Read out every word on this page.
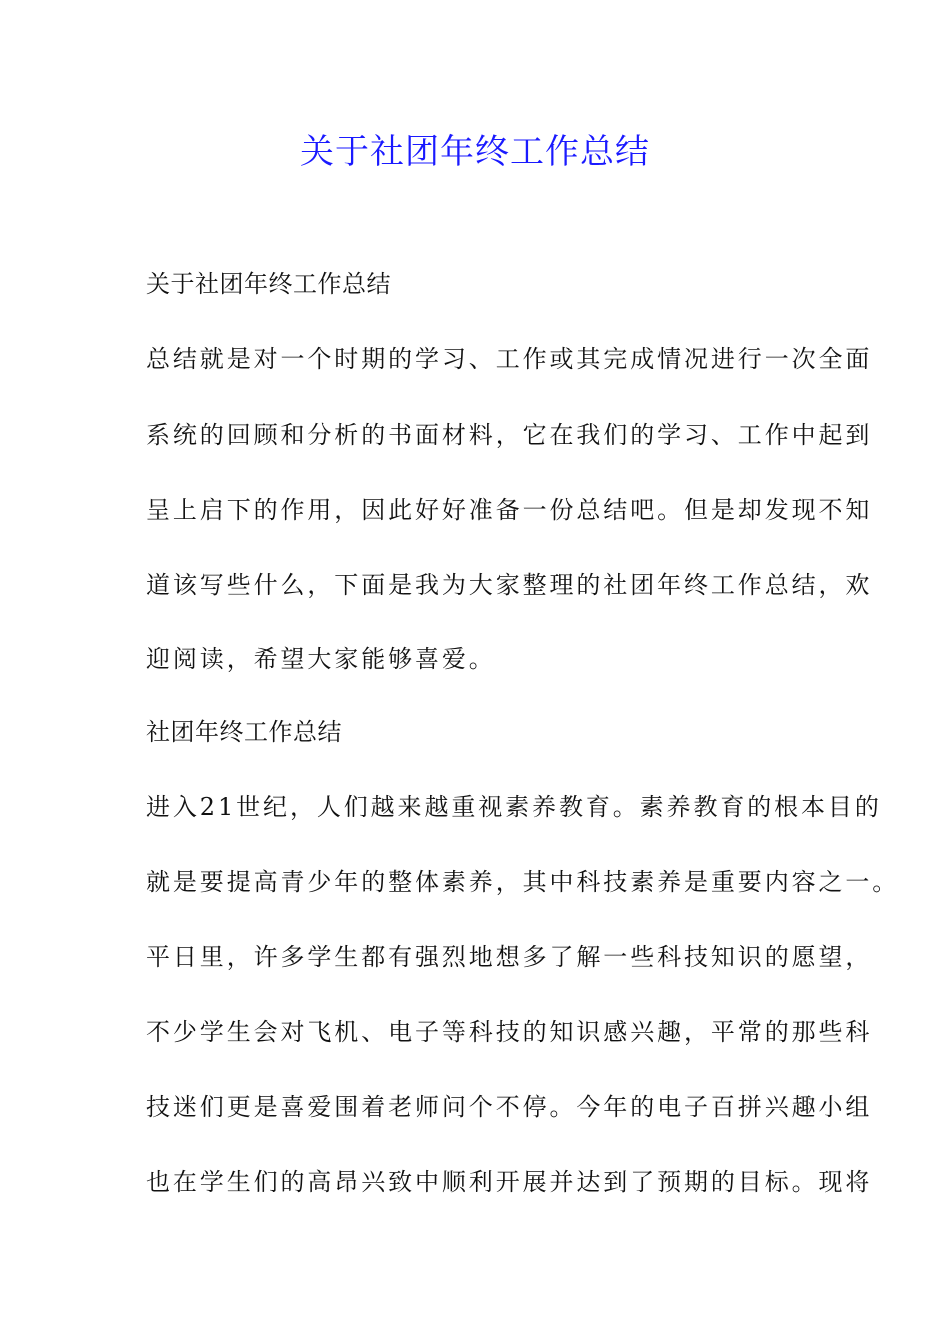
关于社团年终工作总结
关于社团年终工作总结
总结就是对一个时期的学习、工作或其完成情况进行一次全面
系统的回顾和分析的书面材料，它在我们的学习、工作中起到
呈上启下的作用，因此好好准备一份总结吧。但是却发现不知
道该写些什么，下面是我为大家整理的社团年终工作总结，欢
迎阅读，希望大家能够喜爱。
社团年终工作总结
进入21世纪，人们越来越重视素养教育。素养教育的根本目的
就是要提高青少年的整体素养，其中科技素养是重要内容之一。
平日里，许多学生都有强烈地想多了解一些科技知识的愿望，
不少学生会对飞机、电子等科技的知识感兴趣，平常的那些科
技迷们更是喜爱围着老师问个不停。今年的电子百拼兴趣小组
也在学生们的高昂兴致中顺利开展并达到了预期的目标。现将
